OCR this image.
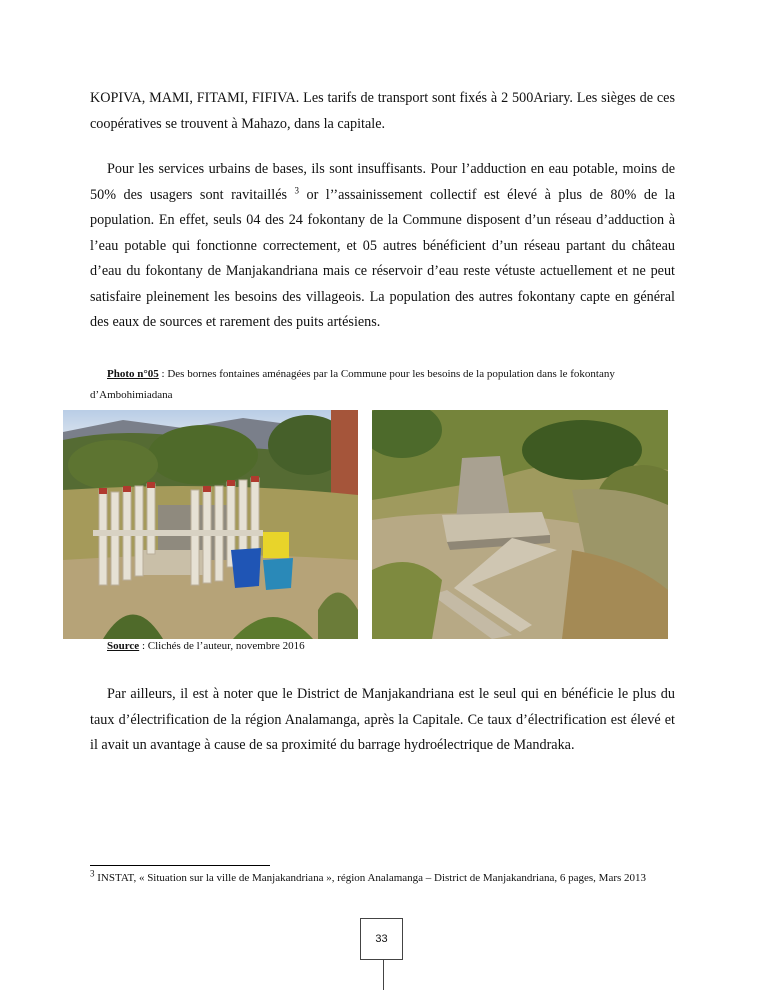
KOPIVA, MAMI, FITAMI, FIFIVA. Les tarifs de transport sont fixés à 2 500Ariary. Les sièges de ces coopératives se trouvent à Mahazo, dans la capitale.

Pour les services urbains de bases, ils sont insuffisants. Pour l’adduction en eau potable, moins de 50% des usagers sont ravitaillés $^3$ or l’’assainissement collectif est élevé à plus de 80% de la population. En effet, seuls 04 des 24 fokontany de la Commune disposent d’un réseau d’adduction à l’eau potable qui fonctionne correctement, et 05 autres bénéficient d’un réseau partant du château d’eau du fokontany de Manjakandriana mais ce réservoir d’eau reste vétuste actuellement et ne peut satisfaire pleinement les besoins des villageois. La population des autres fokontany capte en général des eaux de sources et rarement des puits artésiens.

Photo n°05 : Des bornes fontaines aménagées par la Commune pour les besoins de la population dans le fokontany d’Ambohimiadana

Source : Clichés de l’auteur, novembre 2016

Par ailleurs, il est à noter que le District de Manjakandriana est le seul qui en bénéficie le plus du taux d’électrification de la région Analamanga, après la Capitale. Ce taux d’électrification est élevé et il avait un avantage à cause de sa proximité du barrage hydroélectrique de Mandraka.

$^3$ INSTAT, « Situation sur la ville de Manjakandriana », région Analamanga – District de Manjakandriana, 6 pages, Mars 2013

33
